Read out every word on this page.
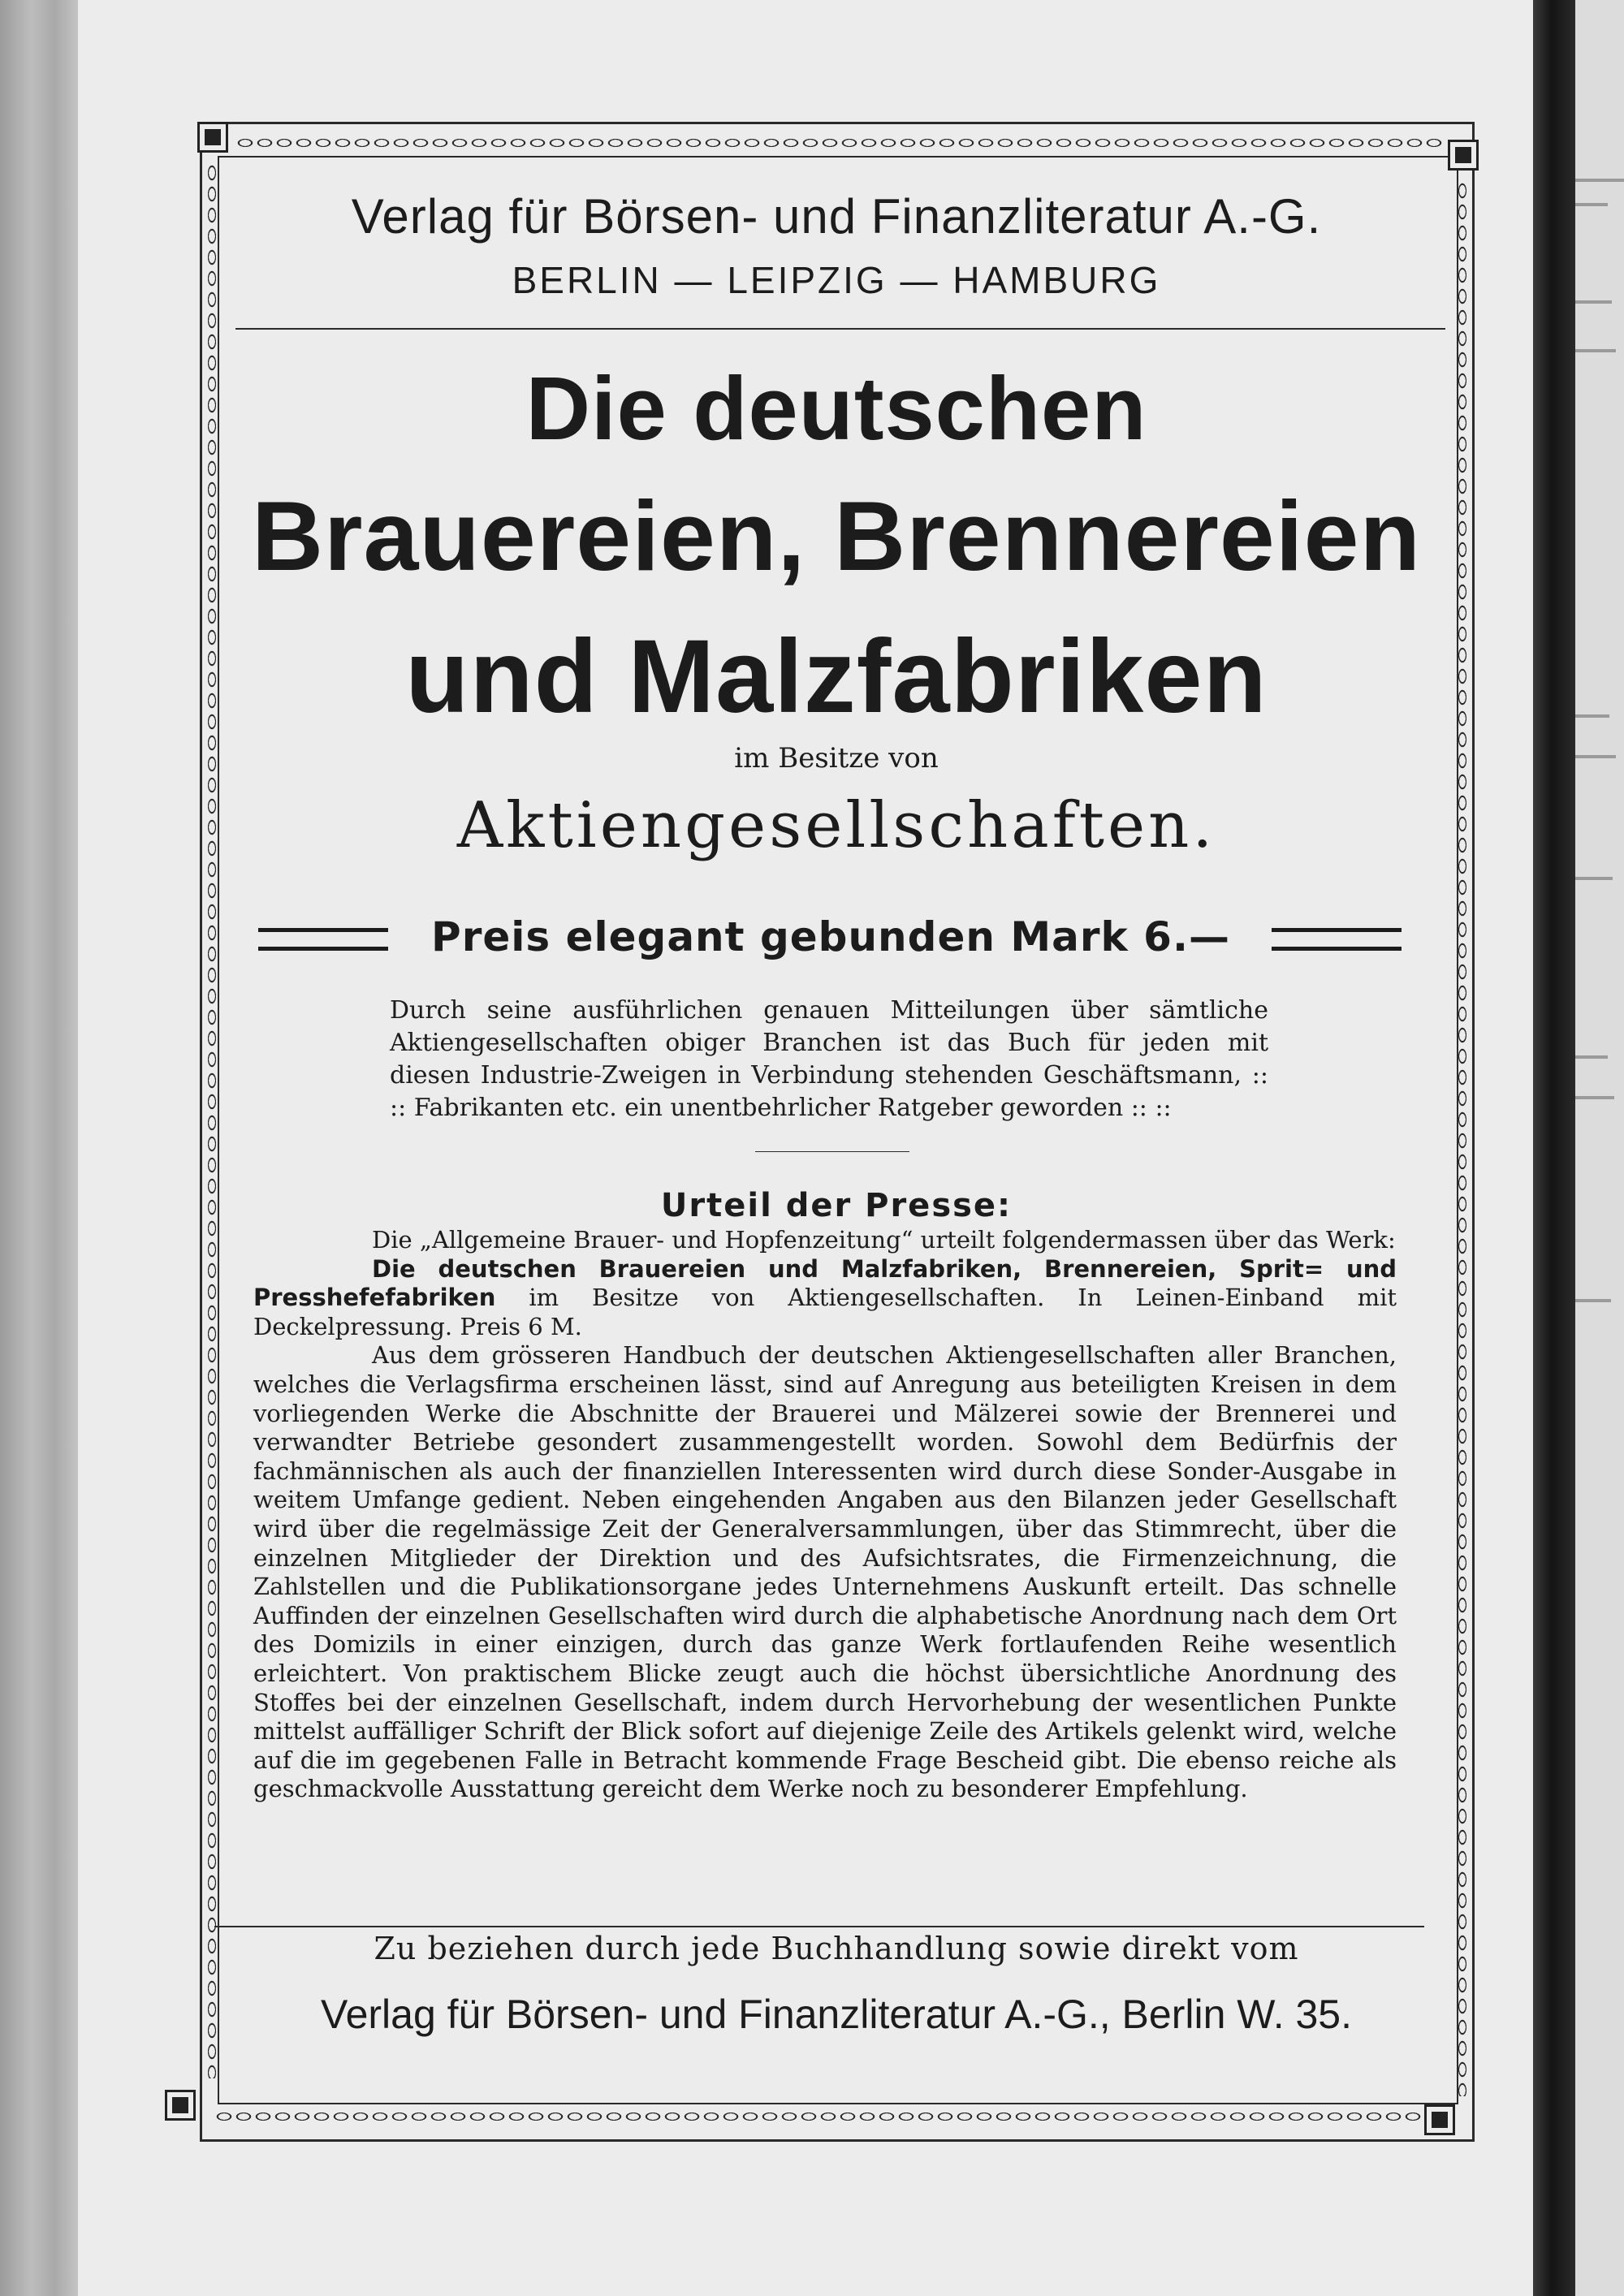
Verlag für Börsen- und Finanzliteratur A.-G.
BERLIN — LEIPZIG — HAMBURG
Die deutschen
Brauereien, Brennereien
und Malzfabriken
im Besitze von
Aktiengesellschaften.
Preis elegant gebunden Mark 6.—
Durch seine ausführlichen genauen Mitteilungen über sämtliche Aktiengesellschaften obiger Branchen ist das Buch für jeden mit diesen Industrie-Zweigen in Verbindung stehenden Geschäftsmann, :: :: Fabrikanten etc. ein unentbehrlicher Ratgeber geworden :: ::
Urteil der Presse:

Die „Allgemeine Brauer- und Hopfenzeitung“ urteilt folgendermassen über das Werk:

Die deutschen Brauereien und Malzfabriken, Brennereien, Sprit= und Presshefefabriken im Besitze von Aktiengesellschaften. In Leinen-Einband mit Deckelpressung. Preis 6 M.

Aus dem grösseren Handbuch der deutschen Aktiengesellschaften aller Branchen, welches die Verlagsfirma erscheinen lässt, sind auf Anregung aus beteiligten Kreisen in dem vorliegenden Werke die Abschnitte der Brauerei und Mälzerei sowie der Brennerei und verwandter Betriebe gesondert zusammengestellt worden. Sowohl dem Bedürfnis der fachmännischen als auch der finanziellen Interessenten wird durch diese Sonder-Ausgabe in weitem Umfange gedient. Neben eingehenden Angaben aus den Bilanzen jeder Gesellschaft wird über die regelmässige Zeit der Generalversammlungen, über das Stimmrecht, über die einzelnen Mitglieder der Direktion und des Aufsichtsrates, die Firmenzeichnung, die Zahlstellen und die Publikationsorgane jedes Unternehmens Auskunft erteilt. Das schnelle Auffinden der einzelnen Gesellschaften wird durch die alphabetische Anordnung nach dem Ort des Domizils in einer einzigen, durch das ganze Werk fortlaufenden Reihe wesentlich erleichtert. Von praktischem Blicke zeugt auch die höchst übersichtliche Anordnung des Stoffes bei der einzelnen Gesellschaft, indem durch Hervorhebung der wesentlichen Punkte mittelst auffälliger Schrift der Blick sofort auf diejenige Zeile des Artikels gelenkt wird, welche auf die im gegebenen Falle in Betracht kommende Frage Bescheid gibt. Die ebenso reiche als geschmackvolle Ausstattung gereicht dem Werke noch zu besonderer Empfehlung.

Zu beziehen durch jede Buchhandlung sowie direkt vom
Verlag für Börsen- und Finanzliteratur A.-G., Berlin W. 35.
